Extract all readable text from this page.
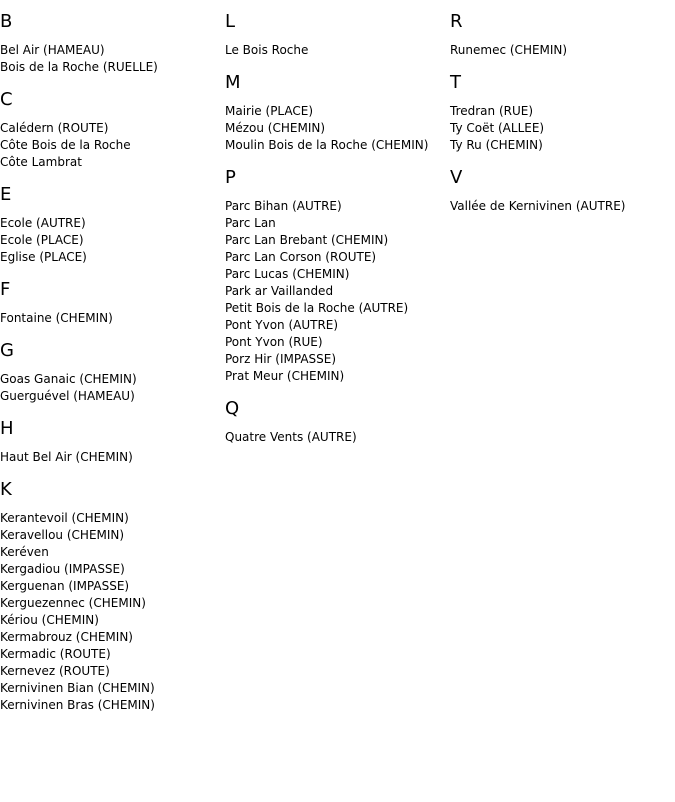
B
Bel Air (HAMEAU)
Bois de la Roche (RUELLE)
C
Calédern (ROUTE)
Côte Bois de la Roche
Côte Lambrat
E
Ecole (AUTRE)
Ecole (PLACE)
Eglise (PLACE)
F
Fontaine (CHEMIN)
G
Goas Ganaic (CHEMIN)
Guerguével (HAMEAU)
H
Haut Bel Air (CHEMIN)
K
Kerantevoil (CHEMIN)
Keravellou (CHEMIN)
Keréven
Kergadiou (IMPASSE)
Kerguenan (IMPASSE)
Kerguezennec (CHEMIN)
Kériou (CHEMIN)
Kermabrouz (CHEMIN)
Kermadic (ROUTE)
Kernevez (ROUTE)
Kernivinen Bian (CHEMIN)
Kernivinen Bras (CHEMIN)
L
Le Bois Roche
M
Mairie (PLACE)
Mézou (CHEMIN)
Moulin Bois de la Roche (CHEMIN)
P
Parc Bihan (AUTRE)
Parc Lan
Parc Lan Brebant (CHEMIN)
Parc Lan Corson (ROUTE)
Parc Lucas (CHEMIN)
Park ar Vaillanded
Petit Bois de la Roche (AUTRE)
Pont Yvon (AUTRE)
Pont Yvon (RUE)
Porz Hir (IMPASSE)
Prat Meur (CHEMIN)
Q
Quatre Vents (AUTRE)
R
Runemec (CHEMIN)
T
Tredran (RUE)
Ty Coët (ALLEE)
Ty Ru (CHEMIN)
V
Vallée de Kernivinen (AUTRE)
